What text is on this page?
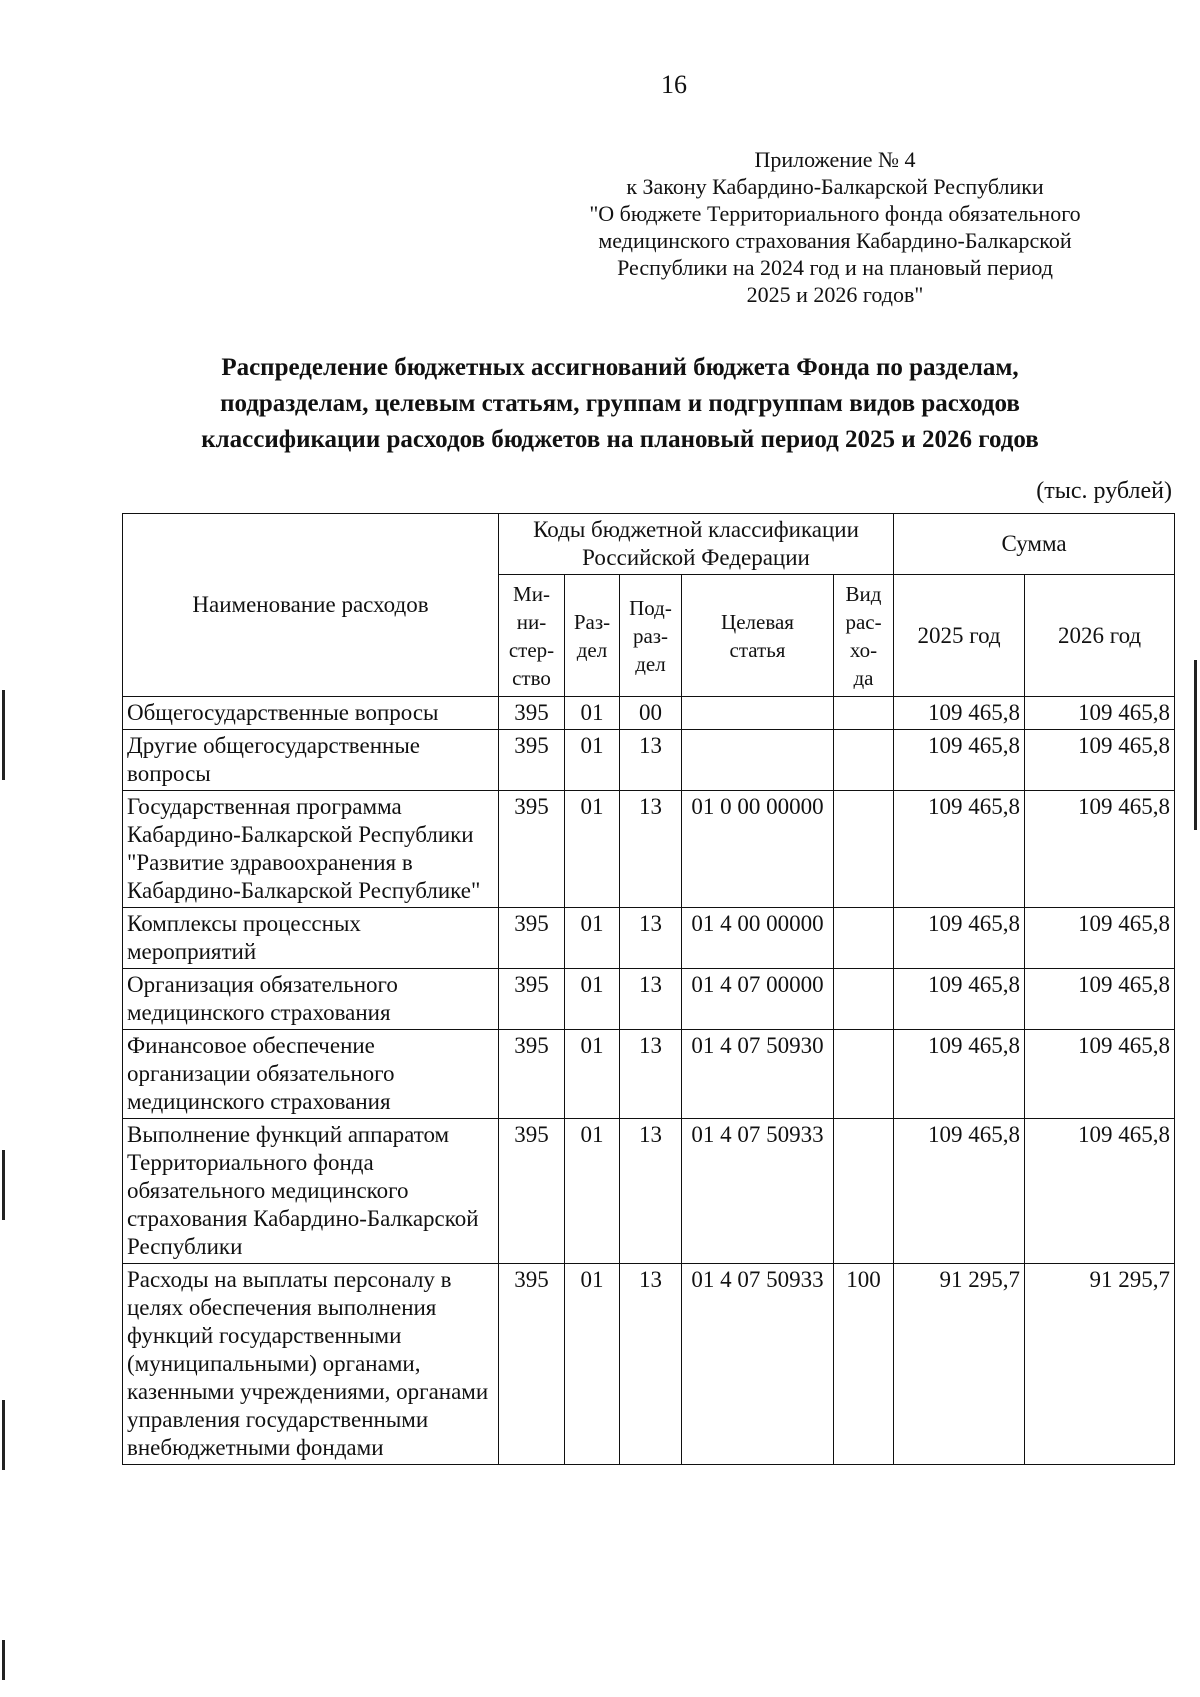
16
Приложение № 4
к Закону Кабардино-Балкарской Республики
"О бюджете Территориального фонда обязательного
медицинского страхования Кабардино-Балкарской
Республики на 2024 год и на плановый период
2025 и 2026 годов"
Распределение бюджетных ассигнований бюджета Фонда по разделам,
подразделам, целевым статьям, группам и подгруппам видов расходов
классификации расходов бюджетов на плановый период 2025 и 2026 годов
(тыс. рублей)
Наименование расходов	Коды бюджетной классификации Российской Федерации					Сумма	
	Ми-
ни-
стер-
ство	Раз-
дел	Под-
раз-
дел	Целевая
статья	Вид
рас-
хо-
да	2025 год	2026 год
Общегосударственные вопросы	395	01	00			109 465,8	109 465,8
Другие общегосударственные вопросы	395	01	13			109 465,8	109 465,8
Государственная программа Кабардино-Балкарской Республики "Развитие здравоохранения в Кабардино-Балкарской Республике"	395	01	13	01 0 00 00000		109 465,8	109 465,8
Комплексы процессных мероприятий	395	01	13	01 4 00 00000		109 465,8	109 465,8
Организация обязательного медицинского страхования	395	01	13	01 4 07 00000		109 465,8	109 465,8
Финансовое обеспечение организации обязательного медицинского страхования	395	01	13	01 4 07 50930		109 465,8	109 465,8
Выполнение функций аппаратом Территориального фонда обязательного медицинского страхования Кабардино-Балкарской Республики	395	01	13	01 4 07 50933		109 465,8	109 465,8
Расходы на выплаты персоналу в целях обеспечения выполнения функций государственными (муниципальными) органами, казенными учреждениями, органами управления государственными внебюджетными фондами	395	01	13	01 4 07 50933	100	91 295,7	91 295,7
